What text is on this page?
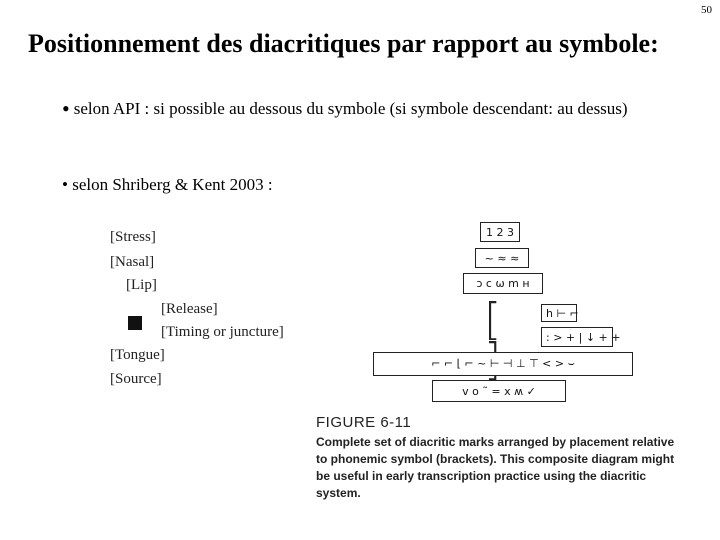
50
Positionnement des diacritiques par rapport au symbole:
• selon API : si possible au dessous du symbole (si symbole descendant: au dessus)
• selon Shriberg & Kent 2003 :
[Stress]
[Nasal]
[Lip]
[Release]
[Timing or juncture]
[Tongue]
[Source]
1 2 3
~ ≈ ≈
ɔ c ω m ʜ
[	h ⊢ ⌐
: > + | ↓ + +
⌐ ⌐ ⌊ ⌐ ~ ⊢ ⊣ ⊥ ⊤ < > ⌣
v o ˜ = x ʍ ✓
FIGURE 6-11
Complete set of diacritic marks arranged by placement relative to phonemic symbol (brackets). This composite diagram might be useful in early transcription practice using the diacritic system.
